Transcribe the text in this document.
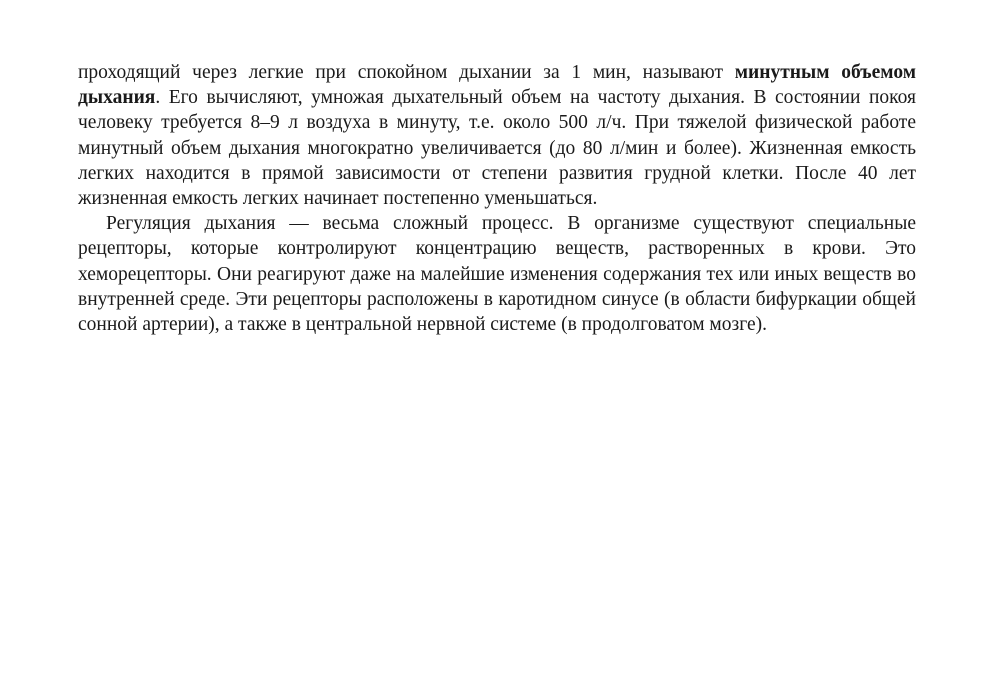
проходящий через легкие при спокойном дыхании за 1 мин, называют минутным объемом дыхания. Его вычисляют, умножая дыхательный объем на частоту дыхания. В состоянии покоя человеку требуется 8–9 л воздуха в минуту, т.е. около 500 л/ч. При тяжелой физической работе минутный объем дыхания многократно увеличивается (до 80 л/мин и более). Жизненная емкость легких находится в прямой зависимости от степени развития грудной клетки. После 40 лет жизненная емкость легких начинает постепенно уменьшаться.

Регуляция дыхания — весьма сложный процесс. В организме существуют специальные рецепторы, которые контролируют концентрацию веществ, растворенных в крови. Это хеморецепторы. Они реагируют даже на малейшие изменения содержания тех или иных веществ во внутренней среде. Эти рецепторы расположены в каротидном синусе (в области бифуркации общей сонной артерии), а также в центральной нервной системе (в продолговатом мозге).
